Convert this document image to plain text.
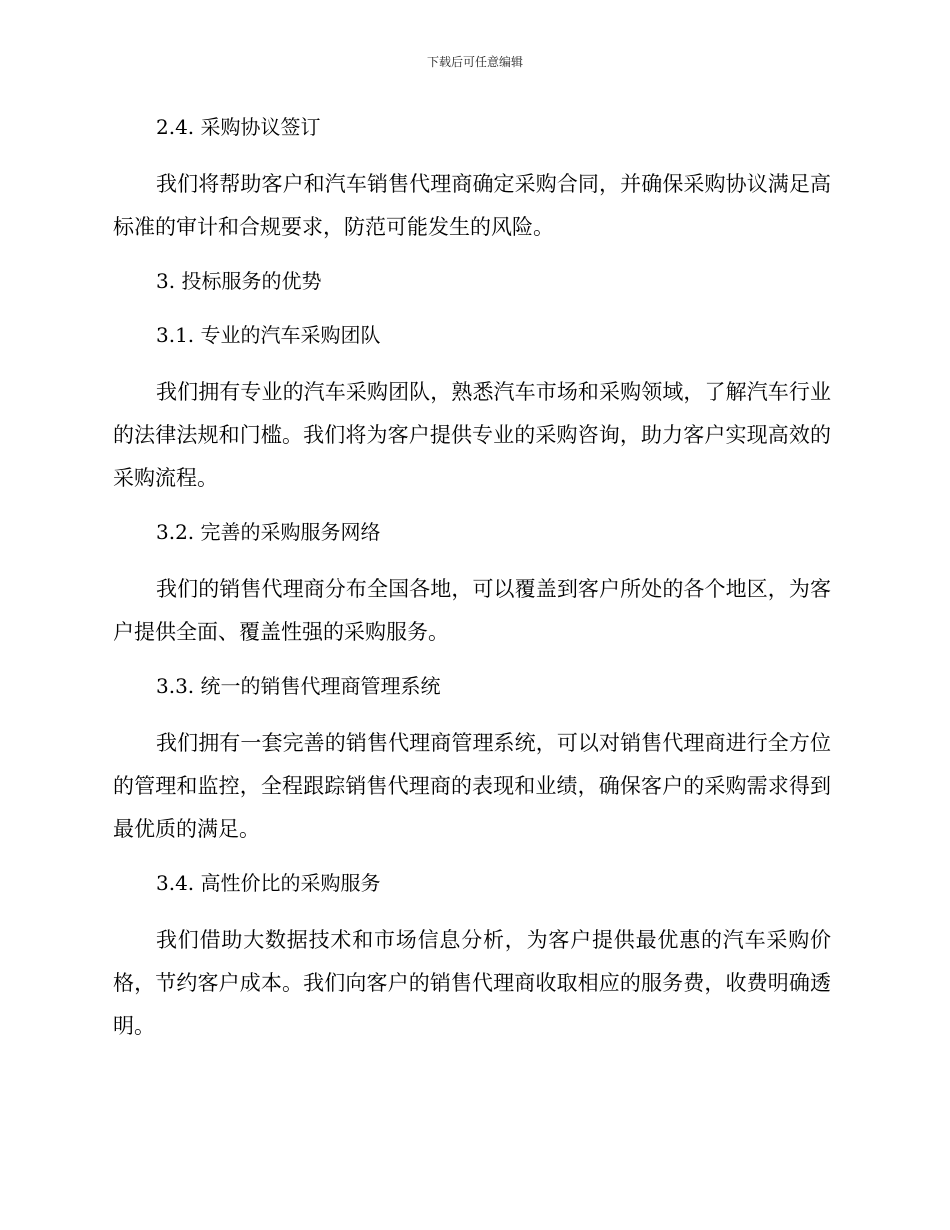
下载后可任意编辑
2.4. 采购协议签订

我们将帮助客户和汽车销售代理商确定采购合同，并确保采购协议满足高标准的审计和合规要求，防范可能发生的风险。

3. 投标服务的优势
3.1. 专业的汽车采购团队

我们拥有专业的汽车采购团队，熟悉汽车市场和采购领域，了解汽车行业的法律法规和门槛。我们将为客户提供专业的采购咨询，助力客户实现高效的采购流程。

3.2. 完善的采购服务网络

我们的销售代理商分布全国各地，可以覆盖到客户所处的各个地区，为客户提供全面、覆盖性强的采购服务。

3.3. 统一的销售代理商管理系统

我们拥有一套完善的销售代理商管理系统，可以对销售代理商进行全方位的管理和监控，全程跟踪销售代理商的表现和业绩，确保客户的采购需求得到最优质的满足。

3.4. 高性价比的采购服务

我们借助大数据技术和市场信息分析，为客户提供最优惠的汽车采购价格，节约客户成本。我们向客户的销售代理商收取相应的服务费，收费明确透明。
